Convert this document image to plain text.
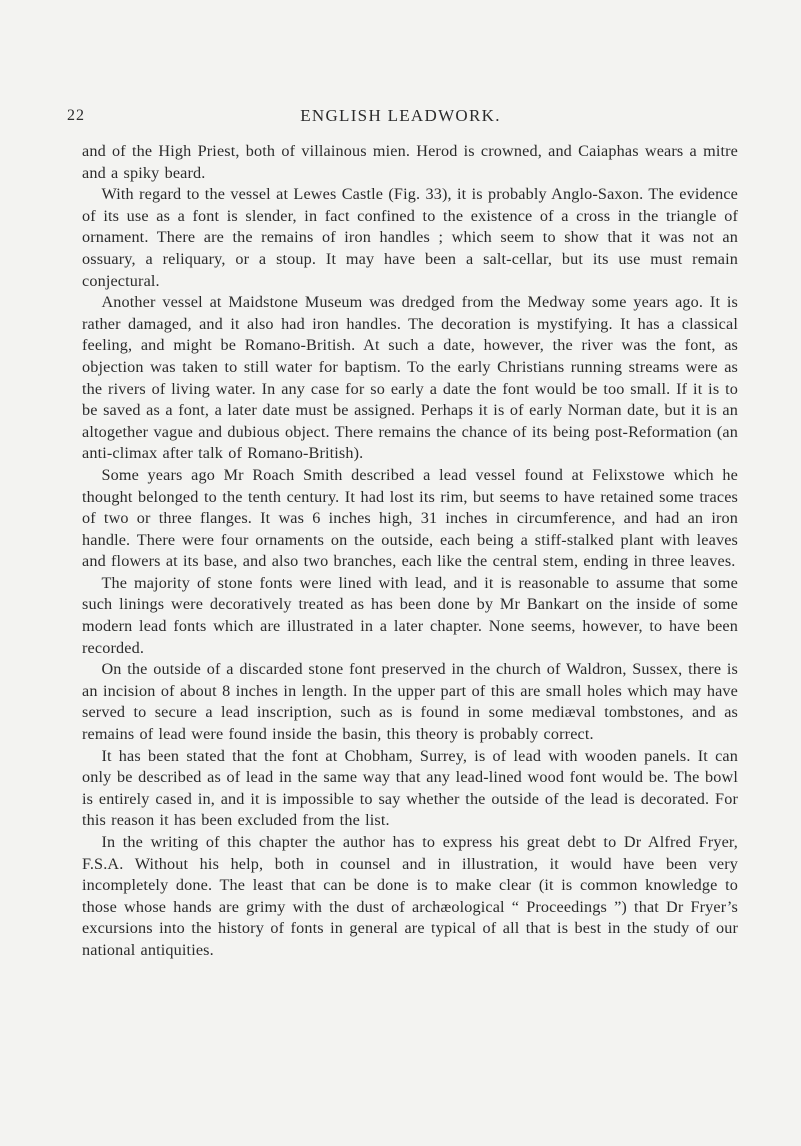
22	ENGLISH LEADWORK.

and of the High Priest, both of villainous mien. Herod is crowned, and Caiaphas wears a mitre and a spiky beard.

With regard to the vessel at Lewes Castle (Fig. 33), it is probably Anglo-Saxon. The evidence of its use as a font is slender, in fact confined to the existence of a cross in the triangle of ornament. There are the remains of iron handles ; which seem to show that it was not an ossuary, a reliquary, or a stoup. It may have been a salt-cellar, but its use must remain conjectural.

Another vessel at Maidstone Museum was dredged from the Medway some years ago. It is rather damaged, and it also had iron handles. The decoration is mystifying. It has a classical feeling, and might be Romano-British. At such a date, however, the river was the font, as objection was taken to still water for baptism. To the early Christians running streams were as the rivers of living water. In any case for so early a date the font would be too small. If it is to be saved as a font, a later date must be assigned. Perhaps it is of early Norman date, but it is an altogether vague and dubious object. There remains the chance of its being post-Reformation (an anti-climax after talk of Romano-British).

Some years ago Mr Roach Smith described a lead vessel found at Felixstowe which he thought belonged to the tenth century. It had lost its rim, but seems to have retained some traces of two or three flanges. It was 6 inches high, 31 inches in circumference, and had an iron handle. There were four ornaments on the outside, each being a stiff-stalked plant with leaves and flowers at its base, and also two branches, each like the central stem, ending in three leaves.

The majority of stone fonts were lined with lead, and it is reasonable to assume that some such linings were decoratively treated as has been done by Mr Bankart on the inside of some modern lead fonts which are illustrated in a later chapter. None seems, however, to have been recorded.

On the outside of a discarded stone font preserved in the church of Waldron, Sussex, there is an incision of about 8 inches in length. In the upper part of this are small holes which may have served to secure a lead inscription, such as is found in some mediæval tombstones, and as remains of lead were found inside the basin, this theory is probably correct.

It has been stated that the font at Chobham, Surrey, is of lead with wooden panels. It can only be described as of lead in the same way that any lead-lined wood font would be. The bowl is entirely cased in, and it is impossible to say whether the outside of the lead is decorated. For this reason it has been excluded from the list.

In the writing of this chapter the author has to express his great debt to Dr Alfred Fryer, F.S.A. Without his help, both in counsel and in illustration, it would have been very incompletely done. The least that can be done is to make clear (it is common knowledge to those whose hands are grimy with the dust of archæological “ Proceedings ”) that Dr Fryer’s excursions into the history of fonts in general are typical of all that is best in the study of our national antiquities.
